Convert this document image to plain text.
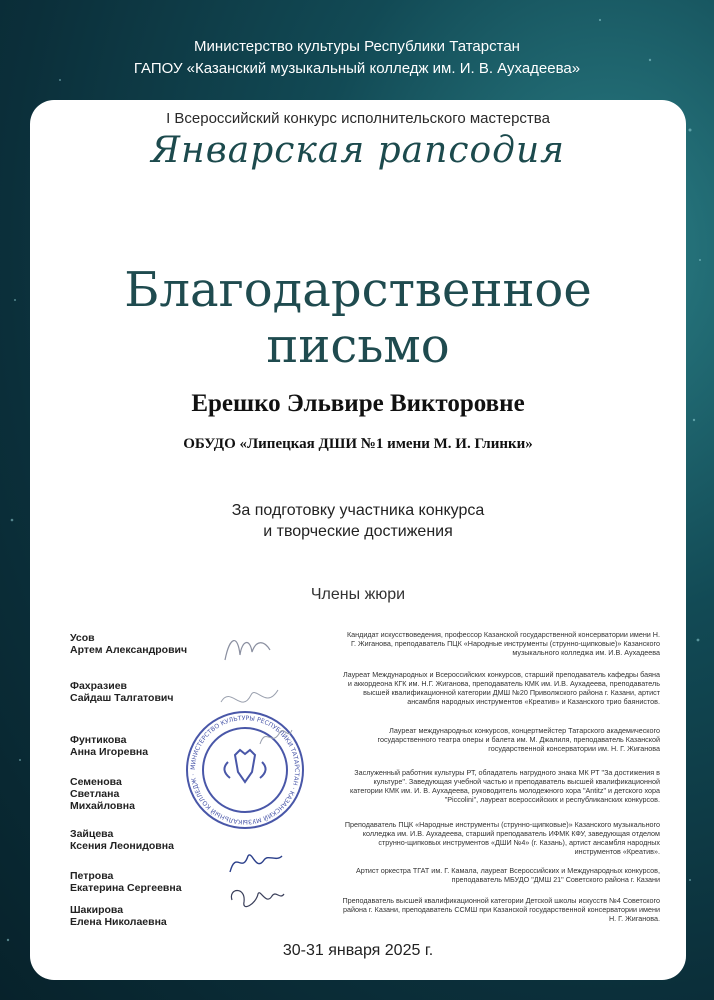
Министерство культуры Республики Татарстан
ГАПОУ «Казанский музыкальный колледж им. И. В. Аухадеева»
I Всероссийский конкурс исполнительского мастерства
Январская рапсодия
Благодарственное
письмо
Ерешко Эльвире Викторовне
ОБУДО «Липецкая ДШИ №1 имени М. И. Глинки»
За подготовку участника конкурса
и творческие достижения
Члены жюри
Усов
Артем Александрович
Кандидат искусствоведения, профессор Казанской государственной консерватории имени Н. Г. Жиганова, преподаватель ПЦК «Народные инструменты (струнно-щипковые)» Казанского музыкального колледжа им. И.В. Аухадеева
Фахразиев
Сайдаш Талгатович
Лауреат Международных и Всероссийских конкурсов, старший преподаватель кафедры баяна и аккордеона КГК им. Н.Г. Жиганова, преподаватель КМК им. И.В. Аухадеева, преподаватель высшей квалификационной категории ДМШ №20 Приволжского района г. Казани, артист ансамбля народных инструментов «Креатив» и Казанского трио баянистов.
Фунтикова
Анна Игоревна
Лауреат международных конкурсов, концертмейстер Татарского академического государственного театра оперы и балета им. М. Джалиля, преподаватель Казанской государственной консерватории им. Н. Г. Жиганова
Семенова
Светлана
Михайловна
Заслуженный работник культуры РТ, обладатель нагрудного знака МК РТ "За достижения в культуре". Заведующая учебной частью и преподаватель высшей квалификационной категории КМК им. И. В. Аухадеева, руководитель молодежного хора "Antitz" и детского хора "Piccolini", лауреат всероссийских и республиканских конкурсов.
Зайцева
Ксения Леонидовна
Преподаватель ПЦК «Народные инструменты (струнно-щипковые)» Казанского музыкального колледжа им. И.В. Аухадеева, старший преподаватель ИФМК КФУ, заведующая отделом струнно-щипковых инструментов «ДШИ №4» (г. Казань), артист ансамбля народных инструментов «Креатив».
Петрова
Екатерина Сергеевна
Артист оркестра ТГАТ им. Г. Камала, лауреат Всероссийских и Международных конкурсов, преподаватель МБУДО "ДМШ 21" Советского района г. Казани
Шакирова
Елена Николаевна
Преподаватель высшей квалификационной категории Детской школы искусств №4 Советского района г. Казани, преподаватель ССМШ при Казанской государственной консерватории имени Н. Г. Жиганова.
МИНИСТЕРСТВО КУЛЬТУРЫ РЕСПУБЛИКИ ТАТАРСТАН · КАЗАНСКИЙ МУЗЫКАЛЬНЫЙ КОЛЛЕДЖ ·
30-31 января 2025 г.
